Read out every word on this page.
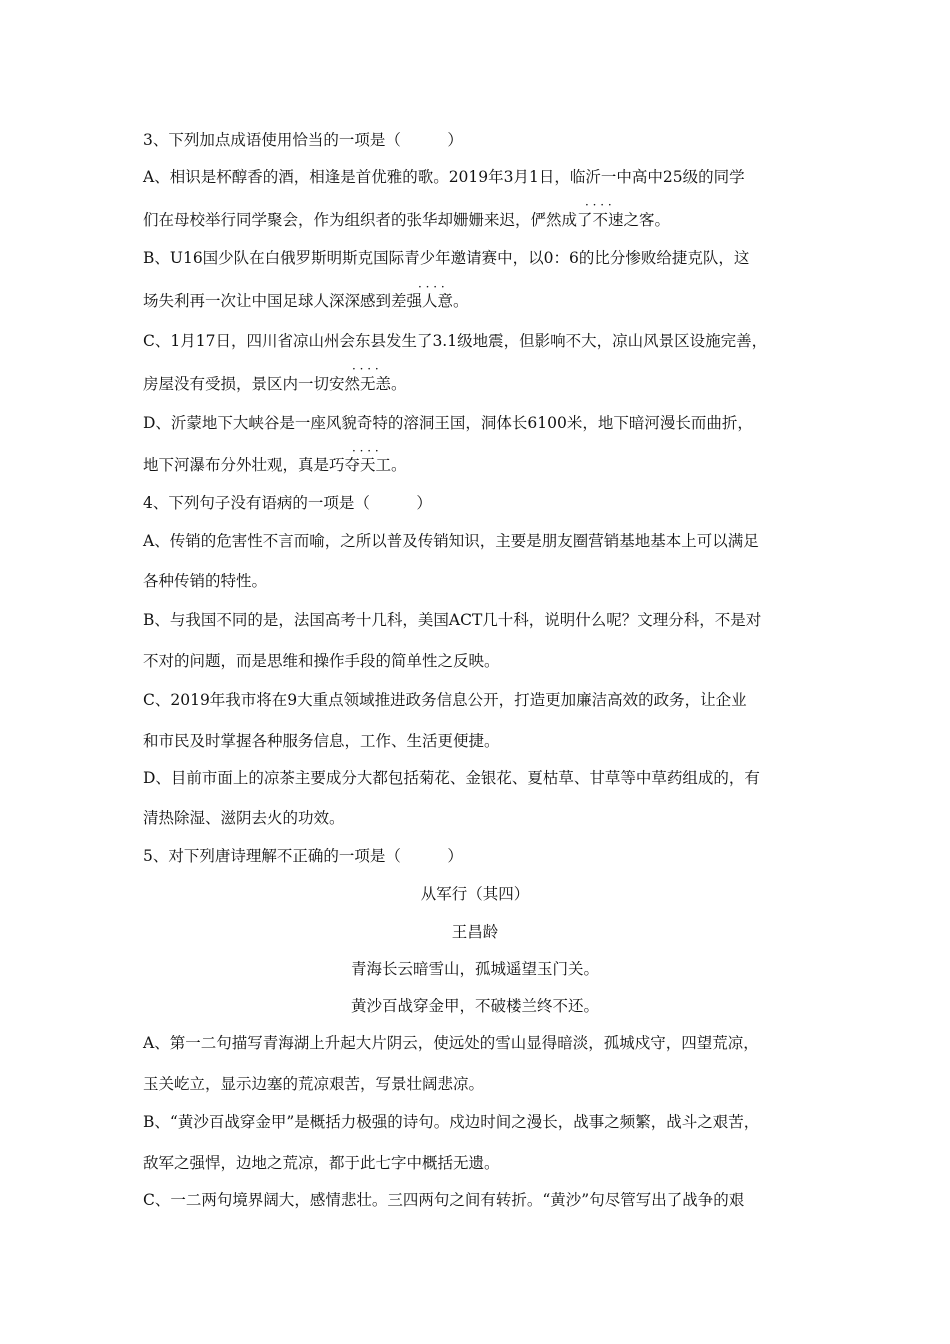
3、下列加点成语使用恰当的一项是（　　　）
A、相识是杯醇香的酒，相逢是首优雅的歌。2019年3月1日，临沂一中高中25级的同学
们在母校举行同学聚会，作为组织者的张华却姗姗来迟，俨然成了不速之客。
· · · ·
B、U16国少队在白俄罗斯明斯克国际青少年邀请赛中，以0：6的比分惨败给捷克队，这
场失利再一次让中国足球人深深感到差强人意。
· · · ·
C、1月17日，四川省凉山州会东县发生了3.1级地震，但影响不大，凉山风景区设施完善，
房屋没有受损，景区内一切安然无恙。
· · · ·
D、沂蒙地下大峡谷是一座风貌奇特的溶洞王国，洞体长6100米，地下暗河漫长而曲折，
地下河瀑布分外壮观，真是巧夺天工。
· · · ·
4、下列句子没有语病的一项是（　　　）
A、传销的危害性不言而喻，之所以普及传销知识，主要是朋友圈营销基地基本上可以满足
各种传销的特性。
B、与我国不同的是，法国高考十几科，美国ACT几十科，说明什么呢？文理分科，不是对
不对的问题，而是思维和操作手段的简单性之反映。
C、2019年我市将在9大重点领域推进政务信息公开，打造更加廉洁高效的政务，让企业
和市民及时掌握各种服务信息，工作、生活更便捷。
D、目前市面上的凉茶主要成分大都包括菊花、金银花、夏枯草、甘草等中草药组成的，有
清热除湿、滋阴去火的功效。
5、对下列唐诗理解不正确的一项是（　　　）
从军行（其四）
王昌龄
青海长云暗雪山，孤城遥望玉门关。
黄沙百战穿金甲，不破楼兰终不还。
A、第一二句描写青海湖上升起大片阴云，使远处的雪山显得暗淡，孤城戍守，四望荒凉，
玉关屹立，显示边塞的荒凉艰苦，写景壮阔悲凉。
B、“黄沙百战穿金甲”是概括力极强的诗句。戍边时间之漫长，战事之频繁，战斗之艰苦，
敌军之强悍，边地之荒凉，都于此七字中概括无遗。
C、一二两句境界阔大，感情悲壮。三四两句之间有转折。“黄沙”句尽管写出了战争的艰
